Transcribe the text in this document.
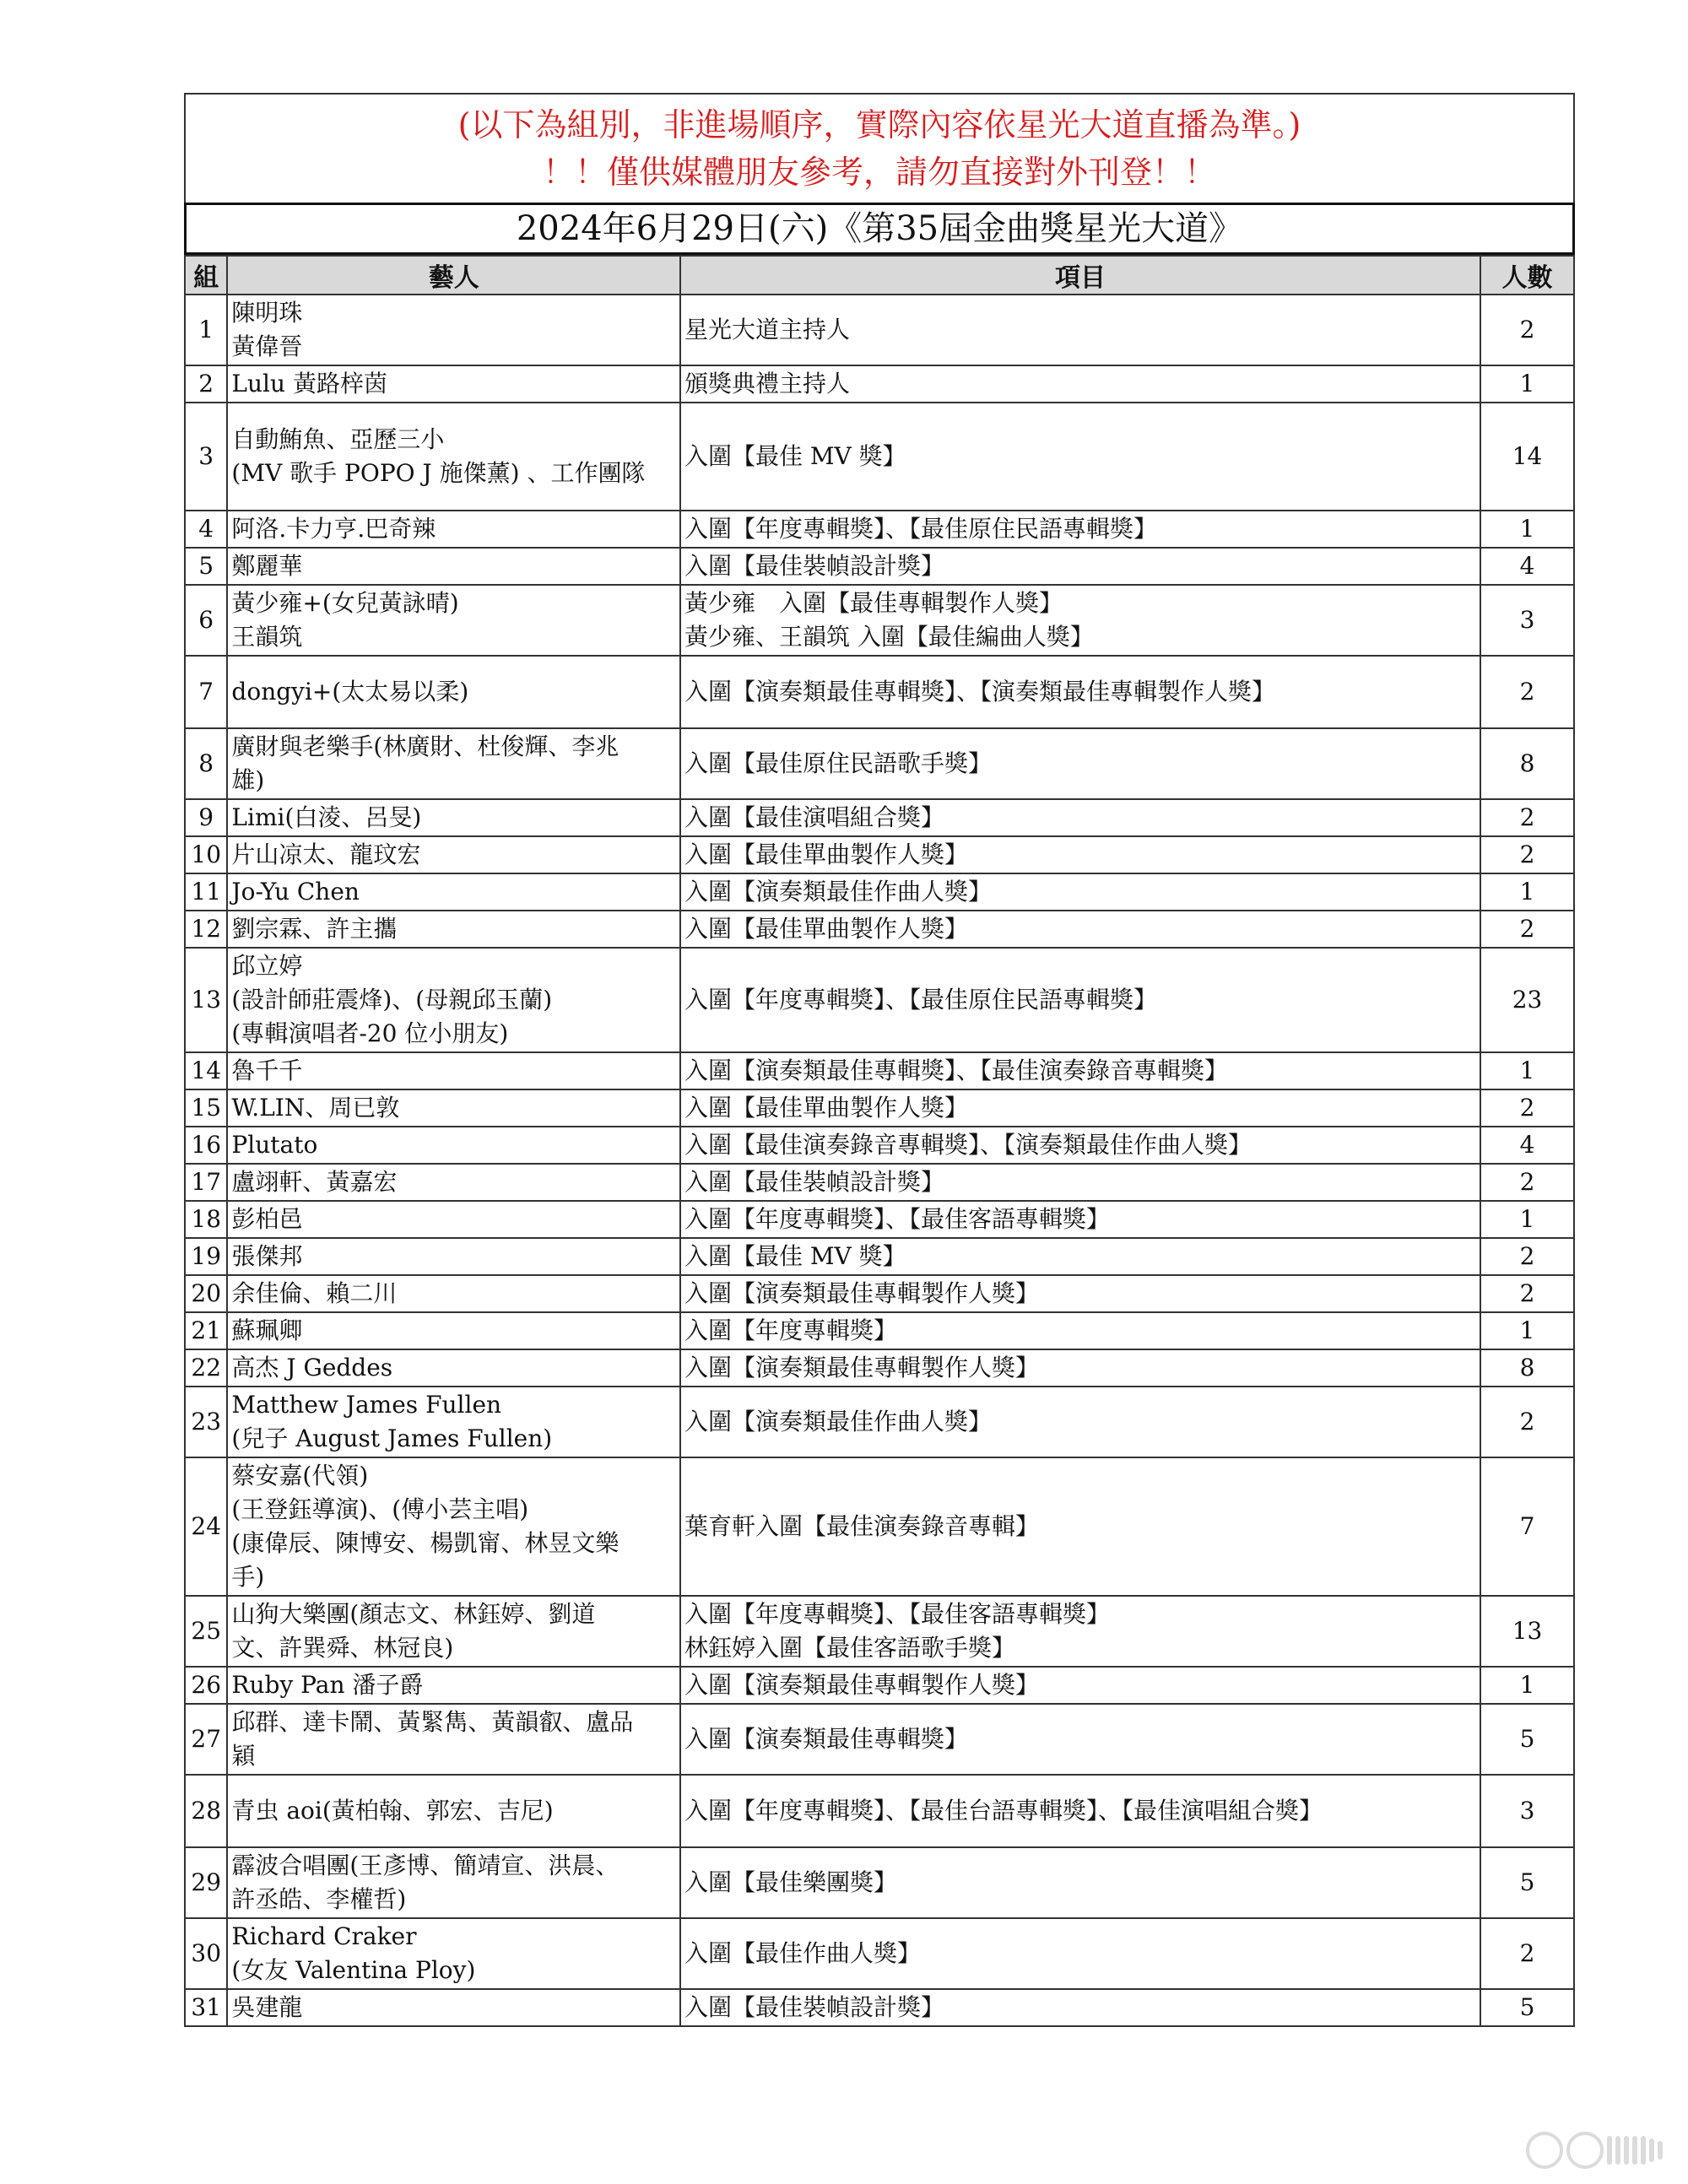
(以下為組別，非進場順序，實際內容依星光大道直播為準。)
！！僅供媒體朋友參考，請勿直接對外刊登！！
2024年6月29日(六)《第35屆金曲獎星光大道》
組	藝人	項目	人數
1	陳明珠
黃偉晉	星光大道主持人	2
2	Lulu 黃路梓茵	頒獎典禮主持人	1
3	自動鮪魚、亞歷三小
(MV 歌手 POPO J 施傑薰) 、工作團隊	入圍【最佳 MV 獎】	14
4	阿洛.卡力亨.巴奇辣	入圍【年度專輯獎】、【最佳原住民語專輯獎】	1
5	鄭麗華	入圍【最佳裝幀設計獎】	4
6	黃少雍+(女兒黃詠晴)
王韻筑	黃少雍　入圍【最佳專輯製作人獎】
黃少雍、王韻筑 入圍【最佳編曲人獎】	3
7	dongyi+(太太易以柔)	入圍【演奏類最佳專輯獎】、【演奏類最佳專輯製作人獎】	2
8	廣財與老樂手(林廣財、杜俊輝、李兆
雄)	入圍【最佳原住民語歌手獎】	8
9	Limi(白淩、呂旻)	入圍【最佳演唱組合獎】	2
10	片山凉太、龍玟宏	入圍【最佳單曲製作人獎】	2
11	Jo-Yu Chen	入圍【演奏類最佳作曲人獎】	1
12	劉宗霖、許主攜	入圍【最佳單曲製作人獎】	2
13	邱立婷
(設計師莊震烽)、(母親邱玉蘭)
(專輯演唱者-20 位小朋友)	入圍【年度專輯獎】、【最佳原住民語專輯獎】	23
14	魯千千	入圍【演奏類最佳專輯獎】、【最佳演奏錄音專輯獎】	1
15	W.LIN、周已敦	入圍【最佳單曲製作人獎】	2
16	Plutato	入圍【最佳演奏錄音專輯獎】、【演奏類最佳作曲人獎】	4
17	盧翊軒、黃嘉宏	入圍【最佳裝幀設計獎】	2
18	彭柏邑	入圍【年度專輯獎】、【最佳客語專輯獎】	1
19	張傑邦	入圍【最佳 MV 獎】	2
20	余佳倫、賴二川	入圍【演奏類最佳專輯製作人獎】	2
21	蘇珮卿	入圍【年度專輯獎】	1
22	高杰 J Geddes	入圍【演奏類最佳專輯製作人獎】	8
23	Matthew James Fullen
(兒子 August James Fullen)	入圍【演奏類最佳作曲人獎】	2
24	蔡安嘉(代領)
(王登鈺導演)、(傅小芸主唱)
(康偉辰、陳博安、楊凱甯、林昱文樂
手)	葉育軒入圍【最佳演奏錄音專輯】	7
25	山狗大樂團(顏志文、林鈺婷、劉道
文、許巽舜、林冠良)	入圍【年度專輯獎】、【最佳客語專輯獎】
林鈺婷入圍【最佳客語歌手獎】	13
26	Ruby Pan 潘子爵	入圍【演奏類最佳專輯製作人獎】	1
27	邱群、達卡鬧、黃緊雋、黃韻叡、盧品
穎	入圍【演奏類最佳專輯獎】	5
28	青虫 aoi(黃柏翰、郭宏、吉尼)	入圍【年度專輯獎】、【最佳台語專輯獎】、【最佳演唱組合獎】	3
29	霹波合唱團(王彥博、簡靖宣、洪晨、
許丞皓、李權哲)	入圍【最佳樂團獎】	5
30	Richard Craker
(女友 Valentina Ploy)	入圍【最佳作曲人獎】	2
31	吳建龍	入圍【最佳裝幀設計獎】	5
